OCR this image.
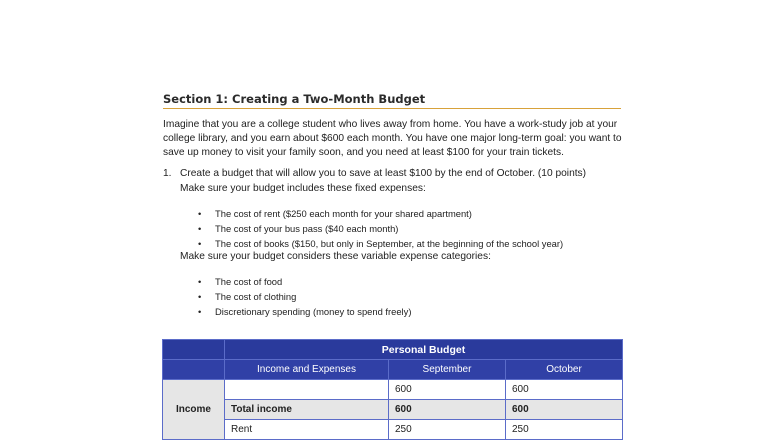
Section 1: Creating a Two-Month Budget
Imagine that you are a college student who lives away from home. You have a work-study job at your
college library, and you earn about $600 each month. You have one major long-term goal: you want to
save up money to visit your family soon, and you need at least $100 for your train tickets.
1. Create a budget that will allow you to save at least $100 by the end of October. (10 points)
Make sure your budget includes these fixed expenses:
• The cost of rent ($250 each month for your shared apartment)
• The cost of your bus pass ($40 each month)
• The cost of books ($150, but only in September, at the beginning of the school year)
Make sure your budget considers these variable expense categories:
• The cost of food
• The cost of clothing
• Discretionary spending (money to spend freely)
	Personal Budget		
	Income and Expenses	September	October
Income		600	600
	Total income	600	600
	Rent	250	250
